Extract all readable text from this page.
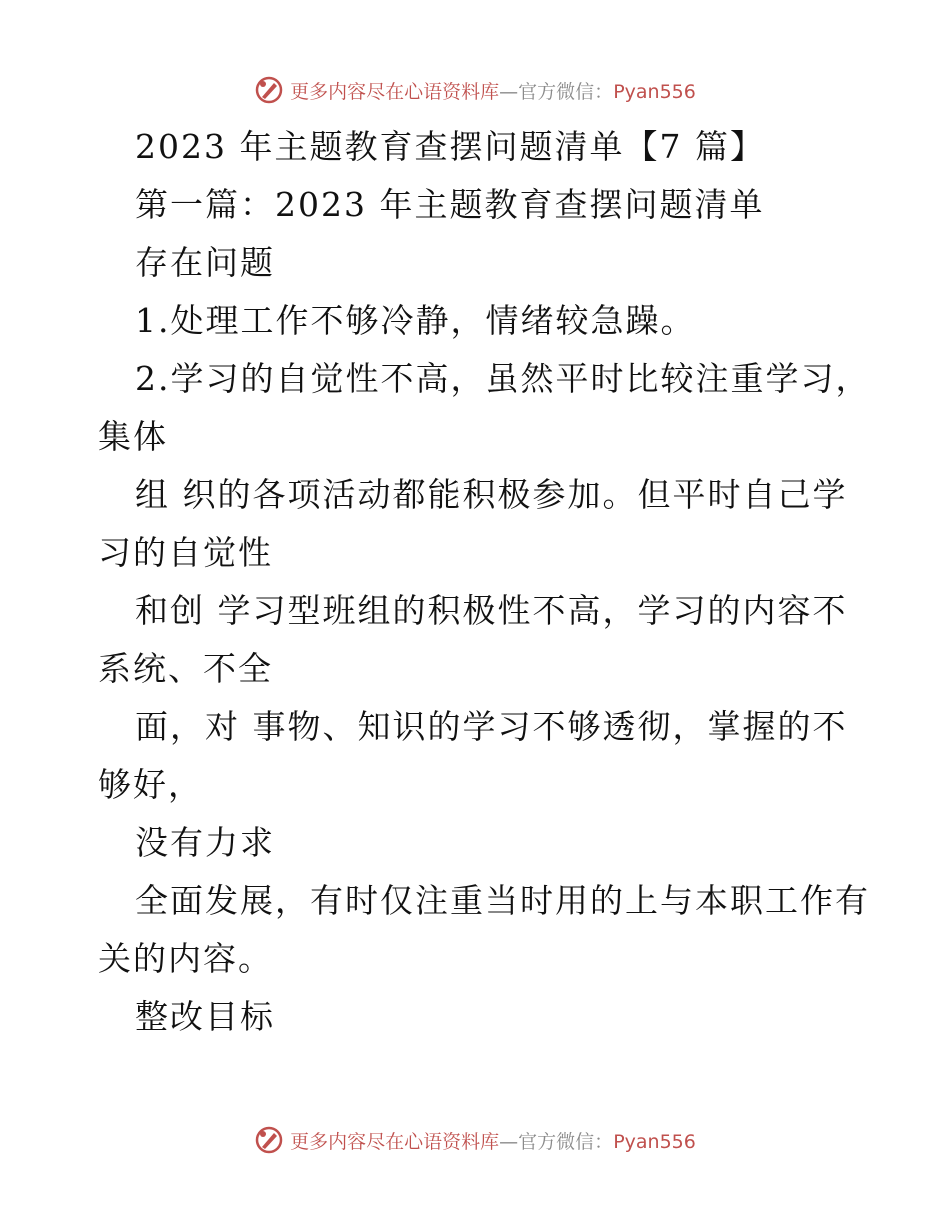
更多内容尽在心语资料库—官方微信：Pyan556
2023 年主题教育查摆问题清单【7 篇】
第一篇：2023 年主题教育查摆问题清单
存在问题
1.处理工作不够冷静，情绪较急躁。
2.学习的自觉性不高，虽然平时比较注重学习，
集体
组 织的各项活动都能积极参加。但平时自己学
习的自觉性
和创 学习型班组的积极性不高，学习的内容不
系统、不全
面，对 事物、知识的学习不够透彻，掌握的不
够好，
没有力求
全面发展，有时仅注重当时用的上与本职工作有
关的内容。
整改目标
更多内容尽在心语资料库—官方微信：Pyan556
